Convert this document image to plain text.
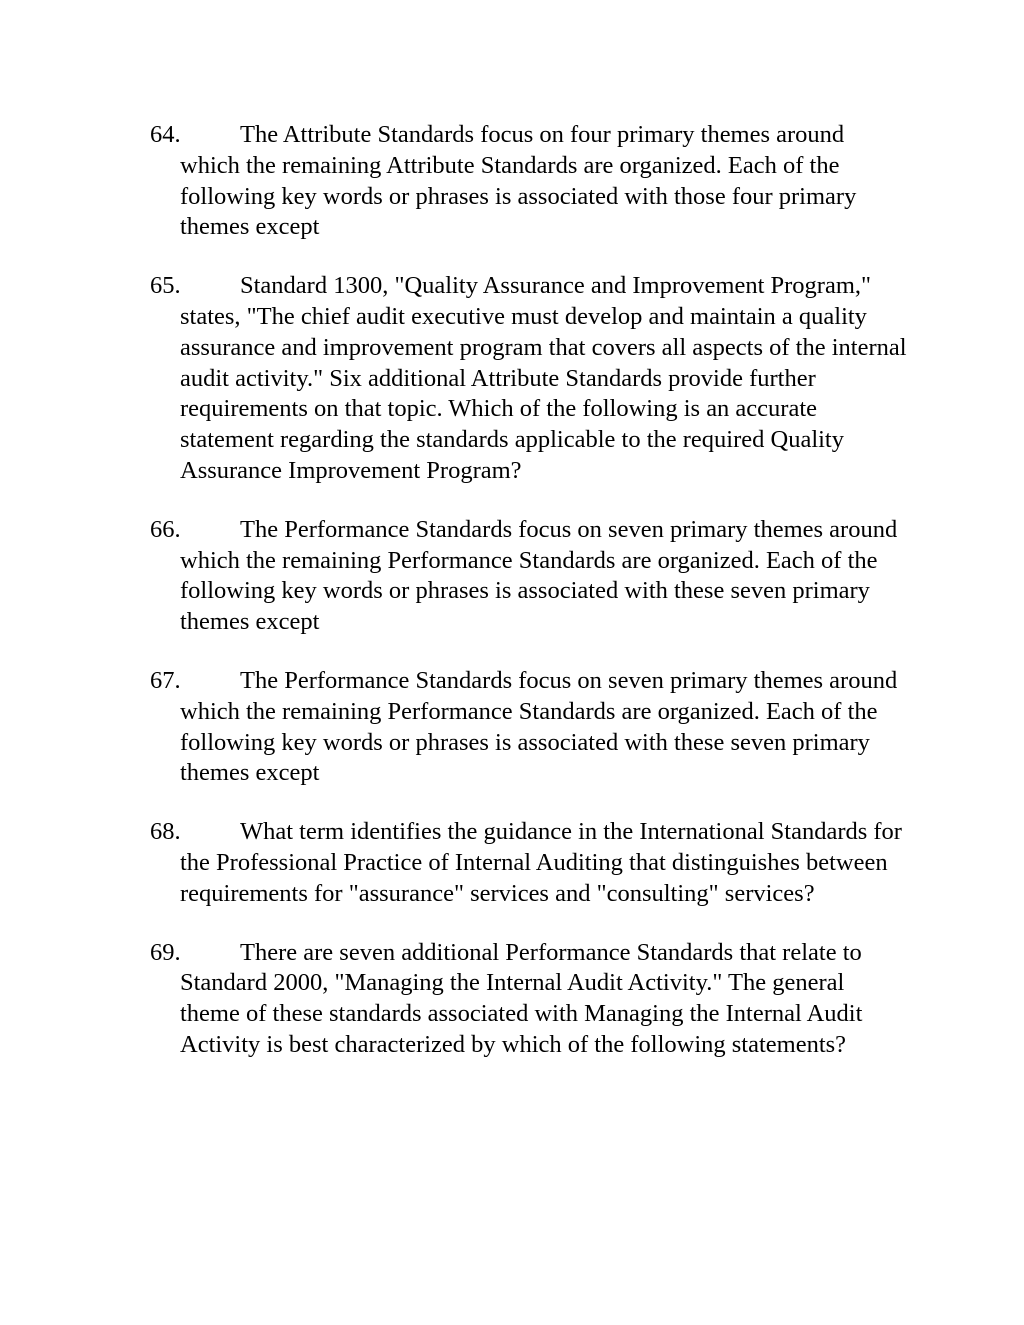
64. The Attribute Standards focus on four primary themes around which the remaining Attribute Standards are organized. Each of the following key words or phrases is associated with those four primary themes except

65. Standard 1300, "Quality Assurance and Improvement Program," states, "The chief audit executive must develop and maintain a quality assurance and improvement program that covers all aspects of the internal audit activity." Six additional Attribute Standards provide further requirements on that topic. Which of the following is an accurate statement regarding the standards applicable to the required Quality Assurance Improvement Program?

66. The Performance Standards focus on seven primary themes around which the remaining Performance Standards are organized. Each of the following key words or phrases is associated with these seven primary themes except

67. The Performance Standards focus on seven primary themes around which the remaining Performance Standards are organized. Each of the following key words or phrases is associated with these seven primary themes except

68. What term identifies the guidance in the International Standards for the Professional Practice of Internal Auditing that distinguishes between requirements for "assurance" services and "consulting" services?

69. There are seven additional Performance Standards that relate to Standard 2000, "Managing the Internal Audit Activity." The general theme of these standards associated with Managing the Internal Audit Activity is best characterized by which of the following statements?
